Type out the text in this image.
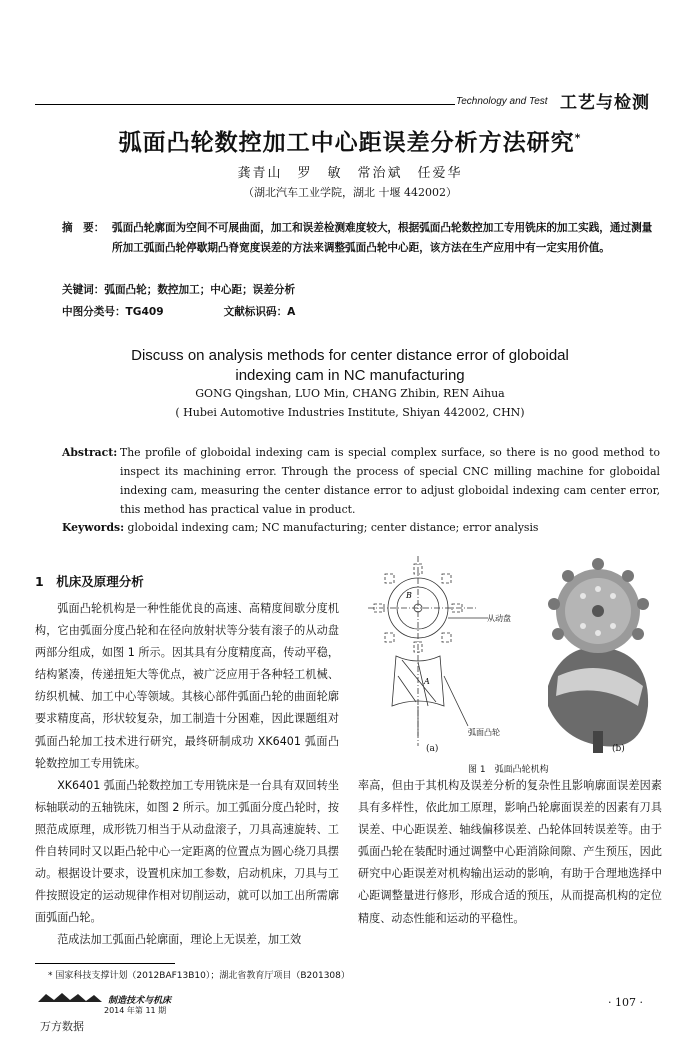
Technology and Test 工艺与检测
弧面凸轮数控加工中心距误差分析方法研究*
龚青山　罗　敏　常治斌　任爱华
（湖北汽车工业学院，湖北 十堰 442002）
摘　要： 弧面凸轮廓面为空间不可展曲面，加工和误差检测难度较大，根据弧面凸轮数控加工专用铣床的加工实践，通过测量所加工弧面凸轮停歇期凸脊宽度误差的方法来调整弧面凸轮中心距，该方法在生产应用中有一定实用价值。
关键词：弧面凸轮；数控加工；中心距；误差分析
中图分类号：TG409	文献标识码：A
Discuss on analysis methods for center distance error of globoidal indexing cam in NC manufacturing
GONG Qingshan, LUO Min, CHANG Zhibin, REN Aihua
( Hubei Automotive Industries Institute, Shiyan 442002, CHN)
Abstract: The profile of globoidal indexing cam is special complex surface, so there is no good method to inspect its machining error. Through the process of special CNC milling machine for globoidal indexing cam, measuring the center distance error to adjust globoidal indexing cam center error, this method has practical value in product.
Keywords: globoidal indexing cam; NC manufacturing; center distance; error analysis
1　机床及原理分析

弧面凸轮机构是一种性能优良的高速、高精度间歇分度机构，它由弧面分度凸轮和在径向放射状等分装有滚子的从动盘两部分组成，如图 1 所示。因其具有分度精度高，传动平稳，结构紧凑，传递扭矩大等优点，被广泛应用于各种轻工机械、纺织机械、加工中心等领域。其核心部件弧面凸轮的曲面轮廓要求精度高，形状较复杂，加工制造十分困难，因此课题组对弧面凸轮加工技术进行研究，最终研制成功 XK6401 弧面凸轮数控加工专用铣床。

XK6401 弧面凸轮数控加工专用铣床是一台具有双回转坐标轴联动的五轴铣床，如图 2 所示。加工弧面分度凸轮时，按照范成原理，成形铣刀相当于从动盘滚子，刀具高速旋转、工件自转同时又以距凸轮中心一定距离的位置点为圆心绕刀具摆动。根据设计要求，设置机床加工参数，启动机床，刀具与工件按照设定的运动规律作相对切削运动，就可以加工出所需廓面弧面凸轮。

范成法加工弧面凸轮廓面，理论上无误差，加工效

率高，但由于其机构及误差分析的复杂性且影响廓面误差因素具有多样性，依此加工原理，影响凸轮廓面误差的因素有刀具误差、中心距误差、轴线偏移误差、凸轮体回转误差等。由于弧面凸轮在装配时通过调整中心距消除间隙、产生预压，因此研究中心距误差对机构输出运动的影响，有助于合理地选择中心距调整量进行修形，形成合适的预压，从而提高机构的定位精度、动态性能和运动的平稳性。

B
A
从动盘
弧面凸轮
(a)	(b)
图 1　弧面凸轮机构
* 国家科技支撑计划（2012BAF13B10）；湖北省教育厅项目（B201308）
制造技术与机床
2014 年第 11 期
万方数据
· 107 ·
